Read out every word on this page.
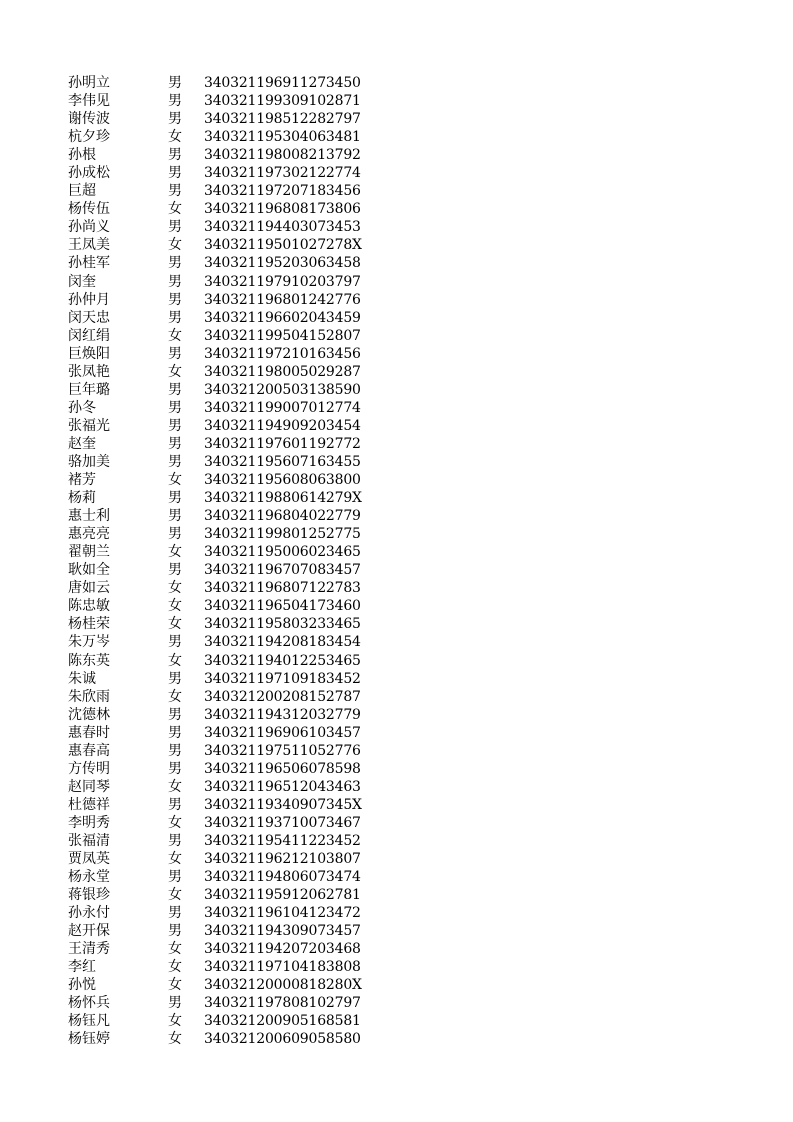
孙明立	男 340321196911273450
李伟见	男 340321199309102871
谢传波	男 340321198512282797
杭夕珍	女 340321195304063481
孙根	男 340321198008213792
孙成松	男 340321197302122774
巨超	男 340321197207183456
杨传伍	女 340321196808173806
孙尚义	男 340321194403073453
王凤美	女 34032119501027278X
孙桂军	男 340321195203063458
闵奎	男 340321197910203797
孙仲月	男 340321196801242776
闵天忠	男 340321196602043459
闵红绢	女 340321199504152807
巨焕阳	男 340321197210163456
张凤艳	女 340321198005029287
巨年璐	男 340321200503138590
孙冬	男 340321199007012774
张福光	男 340321194909203454
赵奎	男 340321197601192772
骆加美	男 340321195607163455
褚芳	女 340321195608063800
杨莉	男 34032119880614279X
惠士利	男 340321196804022779
惠亮亮	男 340321199801252775
翟朝兰	女 340321195006023465
耿如全	男 340321196707083457
唐如云	女 340321196807122783
陈忠敏	女 340321196504173460
杨桂荣	女 340321195803233465
朱万岑	男 340321194208183454
陈东英	女 340321194012253465
朱诚	男 340321197109183452
朱欣雨	女 340321200208152787
沈德林	男 340321194312032779
惠春时	男 340321196906103457
惠春高	男 340321197511052776
方传明	男 340321196506078598
赵同琴	女 340321196512043463
杜德祥	男 34032119340907345X
李明秀	女 340321193710073467
张福清	男 340321195411223452
贾凤英	女 340321196212103807
杨永堂	男 340321194806073474
蒋银珍	女 340321195912062781
孙永付	男 340321196104123472
赵开保	男 340321194309073457
王清秀	女 340321194207203468
李红	女 340321197104183808
孙悦	女 34032120000818280X
杨怀兵	男 340321197808102797
杨钰凡	女 340321200905168581
杨钰婷	女 340321200609058580
